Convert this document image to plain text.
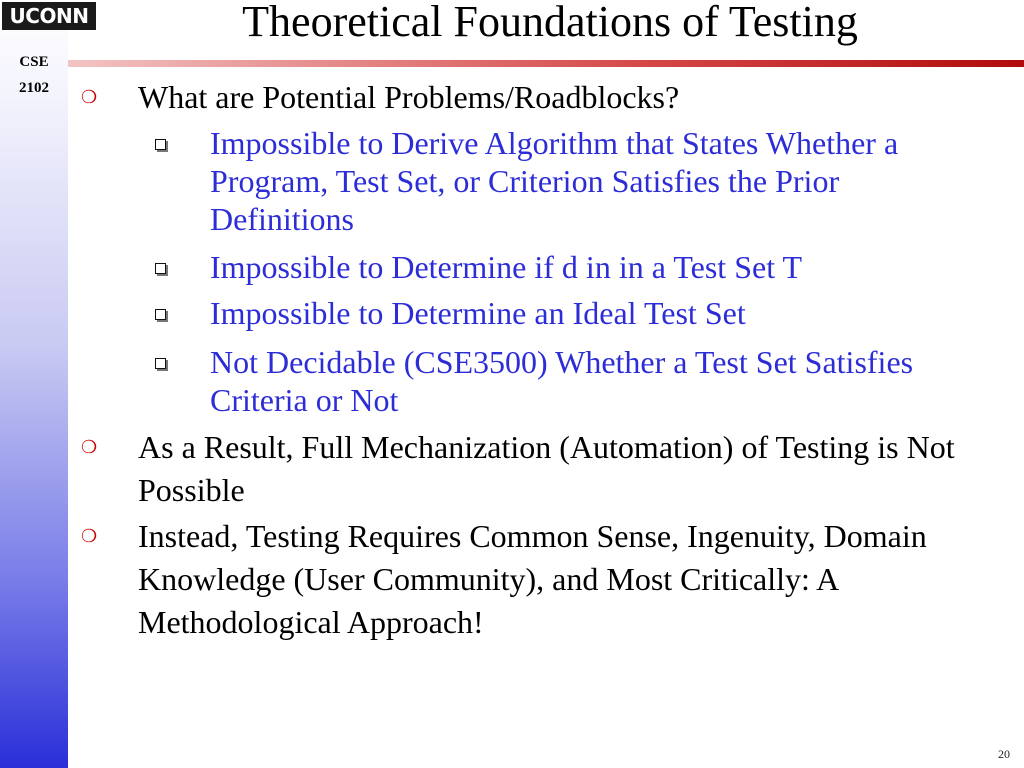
UCONN
CSE
2102
Theoretical Foundations of Testing
❍ What are Potential Problems/Roadblocks?
Impossible to Derive Algorithm that States Whether a Program, Test Set, or Criterion Satisfies the Prior Definitions
Impossible to Determine if d in in a Test Set T
Impossible to Determine an Ideal Test Set
Not Decidable (CSE3500) Whether a Test Set Satisfies Criteria or Not
❍ As a Result, Full Mechanization (Automation) of Testing is Not Possible
❍ Instead, Testing Requires Common Sense, Ingenuity, Domain Knowledge (User Community), and Most Critically: A Methodological Approach!
20
